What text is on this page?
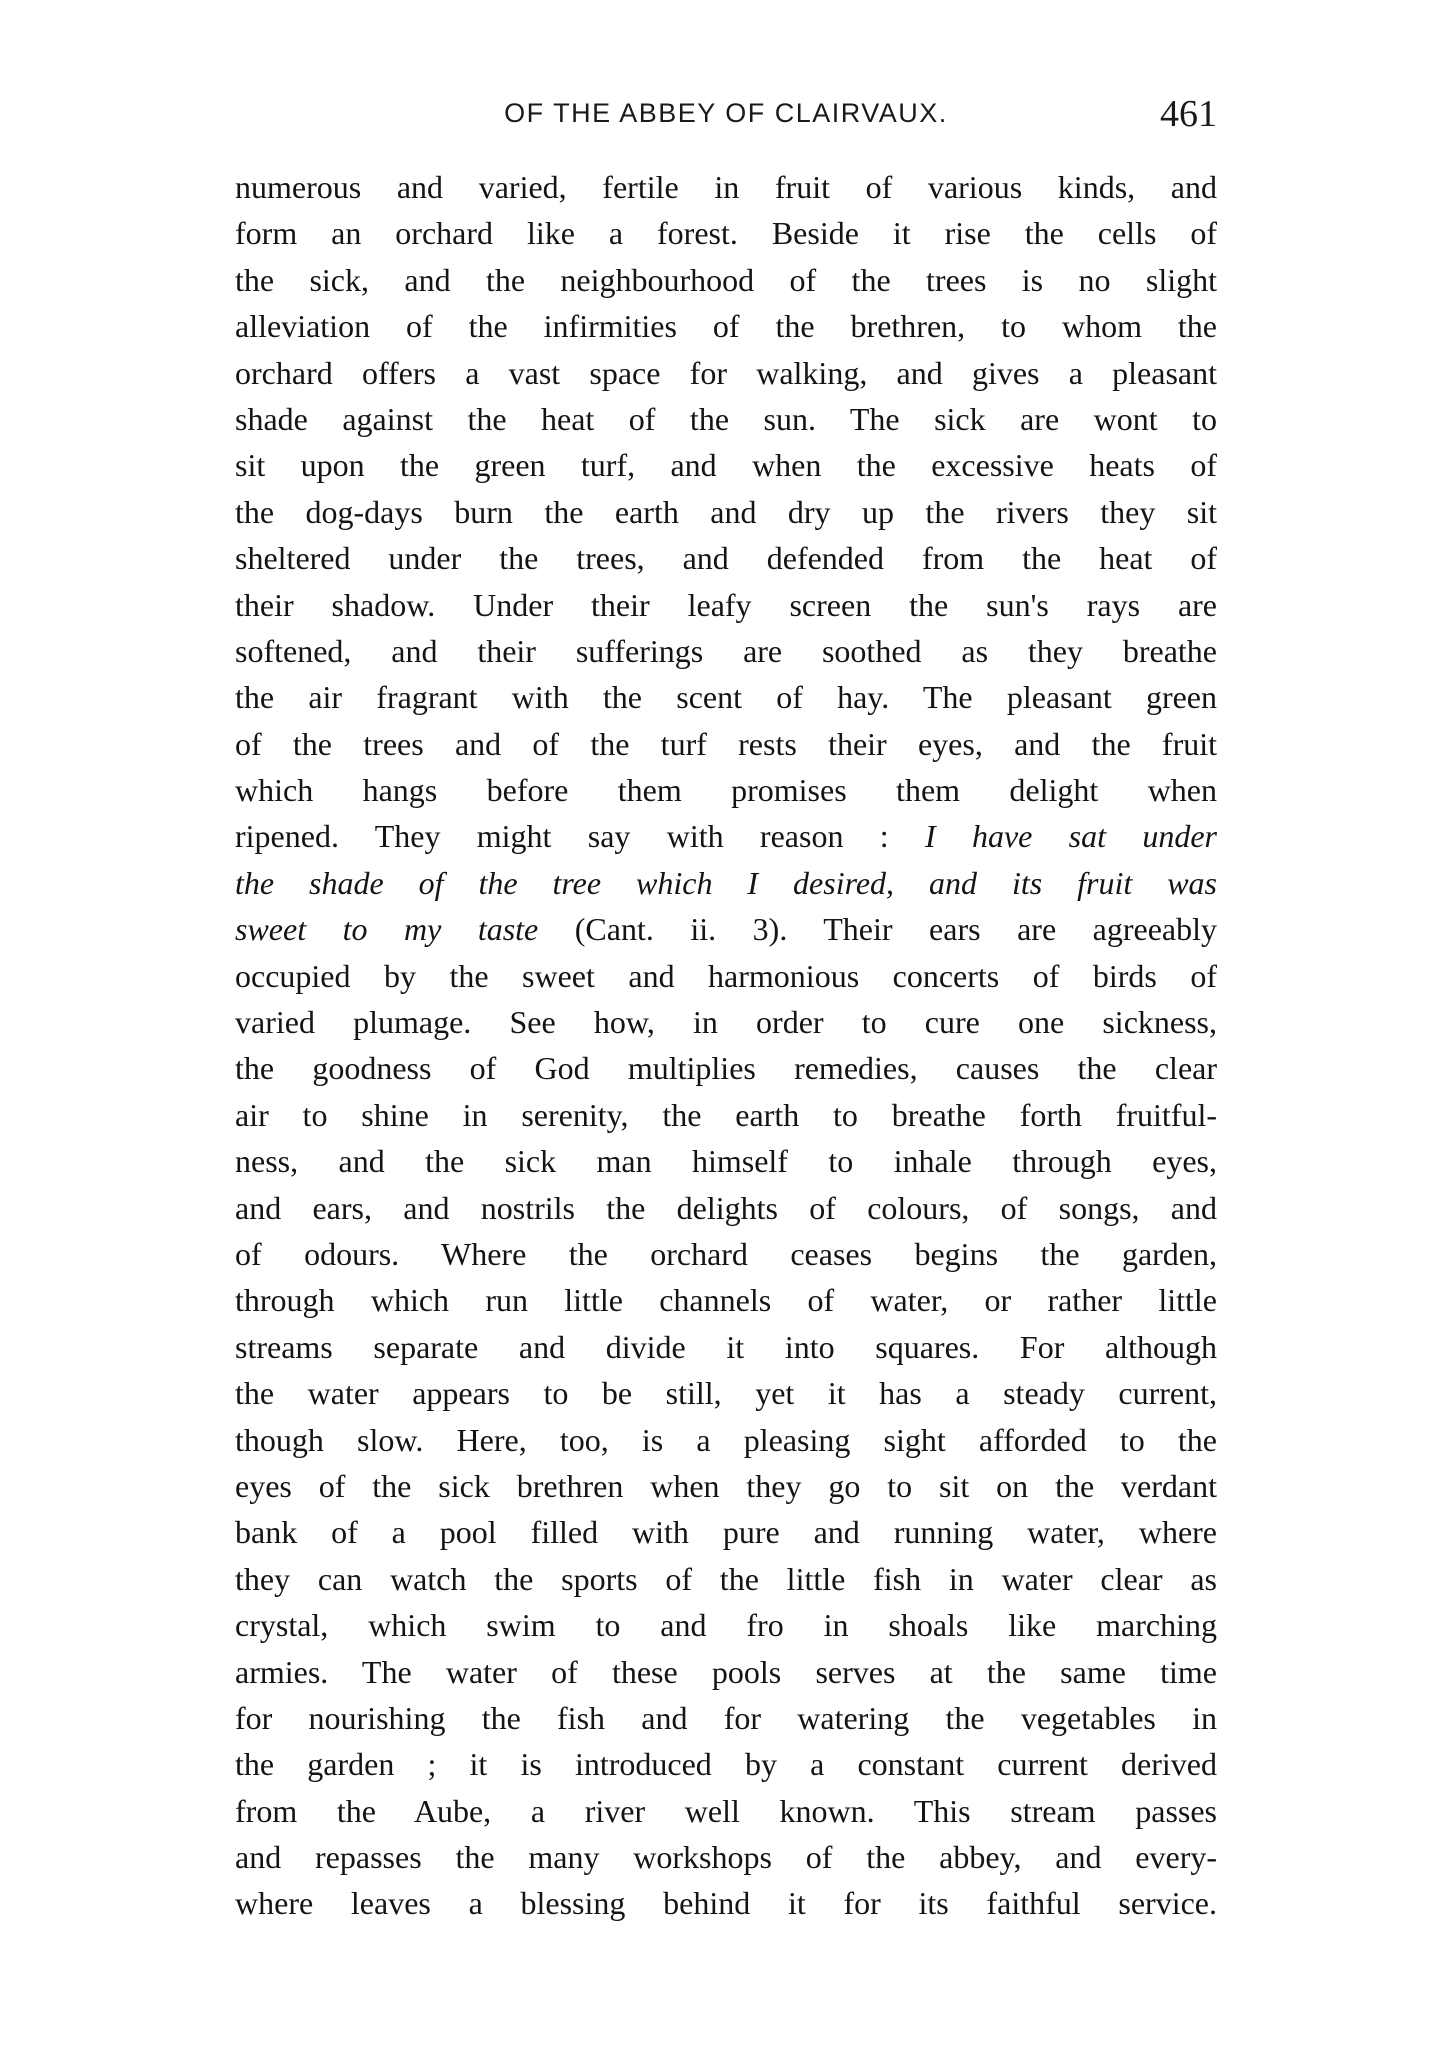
OF THE ABBEY OF CLAIRVAUX.	461
numerous and varied, fertile in fruit of various kinds, and
form an orchard like a forest. Beside it rise the cells of
the sick, and the neighbourhood of the trees is no slight
alleviation of the infirmities of the brethren, to whom the
orchard offers a vast space for walking, and gives a pleasant
shade against the heat of the sun. The sick are wont to
sit upon the green turf, and when the excessive heats of
the dog-days burn the earth and dry up the rivers they sit
sheltered under the trees, and defended from the heat of
their shadow. Under their leafy screen the sun's rays are
softened, and their sufferings are soothed as they breathe
the air fragrant with the scent of hay. The pleasant green
of the trees and of the turf rests their eyes, and the fruit
which hangs before them promises them delight when
ripened. They might say with reason : I have sat under
the shade of the tree which I desired, and its fruit was
sweet to my taste (Cant. ii. 3). Their ears are agreeably
occupied by the sweet and harmonious concerts of birds of
varied plumage. See how, in order to cure one sickness,
the goodness of God multiplies remedies, causes the clear
air to shine in serenity, the earth to breathe forth fruitful-
ness, and the sick man himself to inhale through eyes,
and ears, and nostrils the delights of colours, of songs, and
of odours. Where the orchard ceases begins the garden,
through which run little channels of water, or rather little
streams separate and divide it into squares. For although
the water appears to be still, yet it has a steady current,
though slow. Here, too, is a pleasing sight afforded to the
eyes of the sick brethren when they go to sit on the verdant
bank of a pool filled with pure and running water, where
they can watch the sports of the little fish in water clear as
crystal, which swim to and fro in shoals like marching
armies. The water of these pools serves at the same time
for nourishing the fish and for watering the vegetables in
the garden ; it is introduced by a constant current derived
from the Aube, a river well known. This stream passes
and repasses the many workshops of the abbey, and every-
where leaves a blessing behind it for its faithful service.
